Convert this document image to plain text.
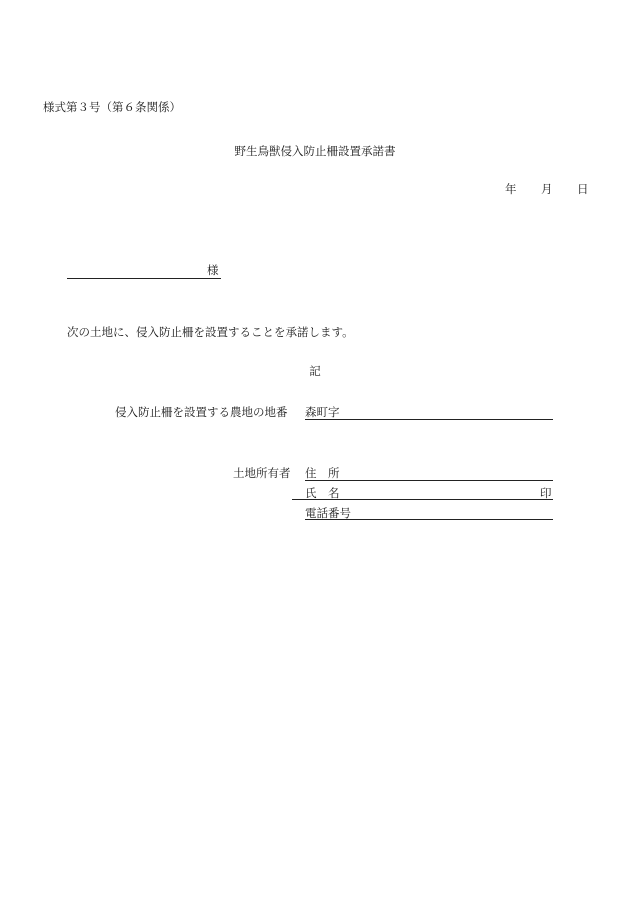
様式第３号（第６条関係）
野生鳥獣侵入防止柵設置承諾書
年 月 日
様
次の土地に、侵入防止柵を設置することを承諾します。
記
侵入防止柵を設置する農地の地番 森町字
土地所有者 住　所
氏　名	印
電話番号
